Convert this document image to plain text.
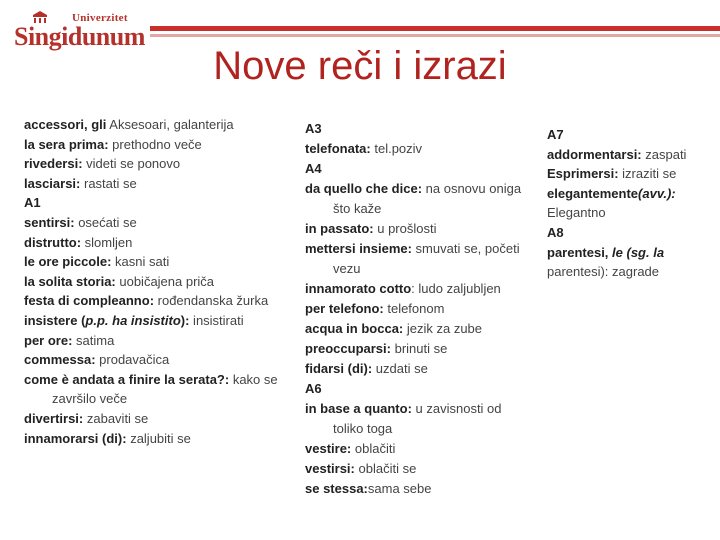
Univerzitet
Singidunum
Nove reči i izrazi
accessori, gli Aksesoari, galanterija
la sera prima: prethodno veče
rivedersi: videti se ponovo
lasciarsi: rastati se
A1
sentirsi: osećati se
distrutto: slomljen
le ore piccole: kasni sati
la solita storia: uobičajena priča
festa di compleanno: rođendanska žurka
insistere (p.p. ha insistito): insistirati
per ore: satima
commessa: prodavačica
come è andata a finire la serata?: kako se završilo veče
divertirsi: zabaviti se
innamorarsi (di): zaljubiti se
A3
telefonata: tel.poziv
A4
da quello che dice: na osnovu oniga što kaže
in passato: u prošlosti
mettersi insieme: smuvati se, početi vezu
innamorato cotto: ludo zaljubljen
per telefono: telefonom
acqua in bocca: jezik za zube
preoccuparsi: brinuti se
fidarsi (di): uzdati se
A6
in base a quanto: u zavisnosti od toliko toga
vestire: oblačiti
vestirsi: oblačiti se
se stessa:sama sebe
A7
addormentarsi: zaspati
Esprimersi: izraziti se
elegantemente(avv.): Elegantno
A8
parentesi, le (sg. la parentesi): zagrade
